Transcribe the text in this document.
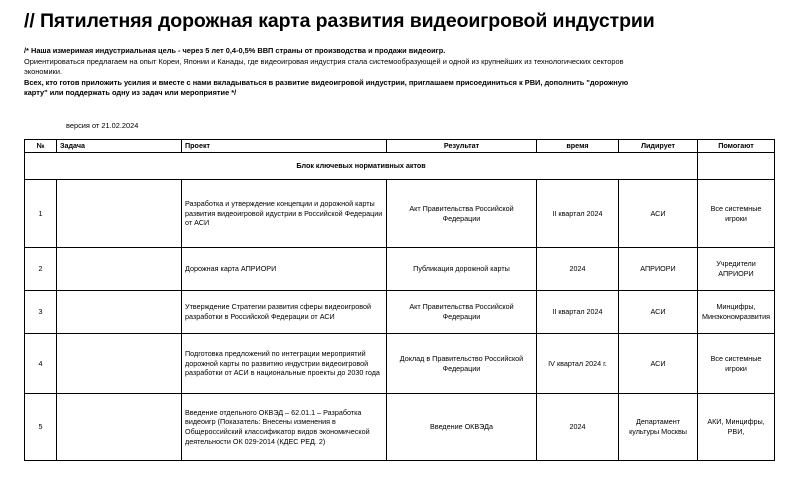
// Пятилетняя дорожная карта развития видеоигровой индустрии

/* Наша измеримая индустриальная цель - через 5 лет 0,4-0,5% ВВП страны от производства и продажи видеоигр.

Ориентироваться предлагаем на опыт Кореи, Японии и Канады, где видеоигровая индустрия стала системообразующей и одной из крупнейших из технологических секторов экономики.

Всех, кто готов приложить усилия и вместе с нами вкладываться в развитие видеоигровой индустрии, приглашаем присоединиться к РВИ, дополнить "дорожную карту" или поддержать одну из задач или мероприятие */

версия от 21.02.2024
№	Задача	Проект	Результат	время	Лидирует	Помогают
Блок ключевых нормативных актов						
1		Разработка и утверждение концепции и дорожной карты развития видеоигровой идустрии в Российской Федерации от АСИ	Акт Правительства Российской Федерации	II квартал 2024	АСИ	Все системные игроки
2		Дорожная карта АПРИОРИ	Публикация дорожной карты	2024	АПРИОРИ	Учредители АПРИОРИ
3		Утверждение Стратегии развития сферы видеоигровой разработки в Российской Федерации от АСИ	Акт Правительства Российской Федерации	II квартал 2024	АСИ	Минцифры, Минэкономразвития
4		Подготовка предложений по интеграции мероприятий дорожной карты по развитию индустрии видеоигровой разработки от АСИ в национальные проекты до 2030 года	Доклад в Правительство Российской Федерации	IV квартал 2024 г.	АСИ	Все системные игроки
5		Введение отдельного ОКВЭД – 62.01.1 – Разработка видеоигр (Показатель: Внесены изменения в Общероссийский классификатор видов экономической деятельности ОК 029-2014 (КДЕС РЕД. 2)	Введение ОКВЭДа	2024	Департамент культуры Москвы	АКИ, Минцифры, РВИ,
